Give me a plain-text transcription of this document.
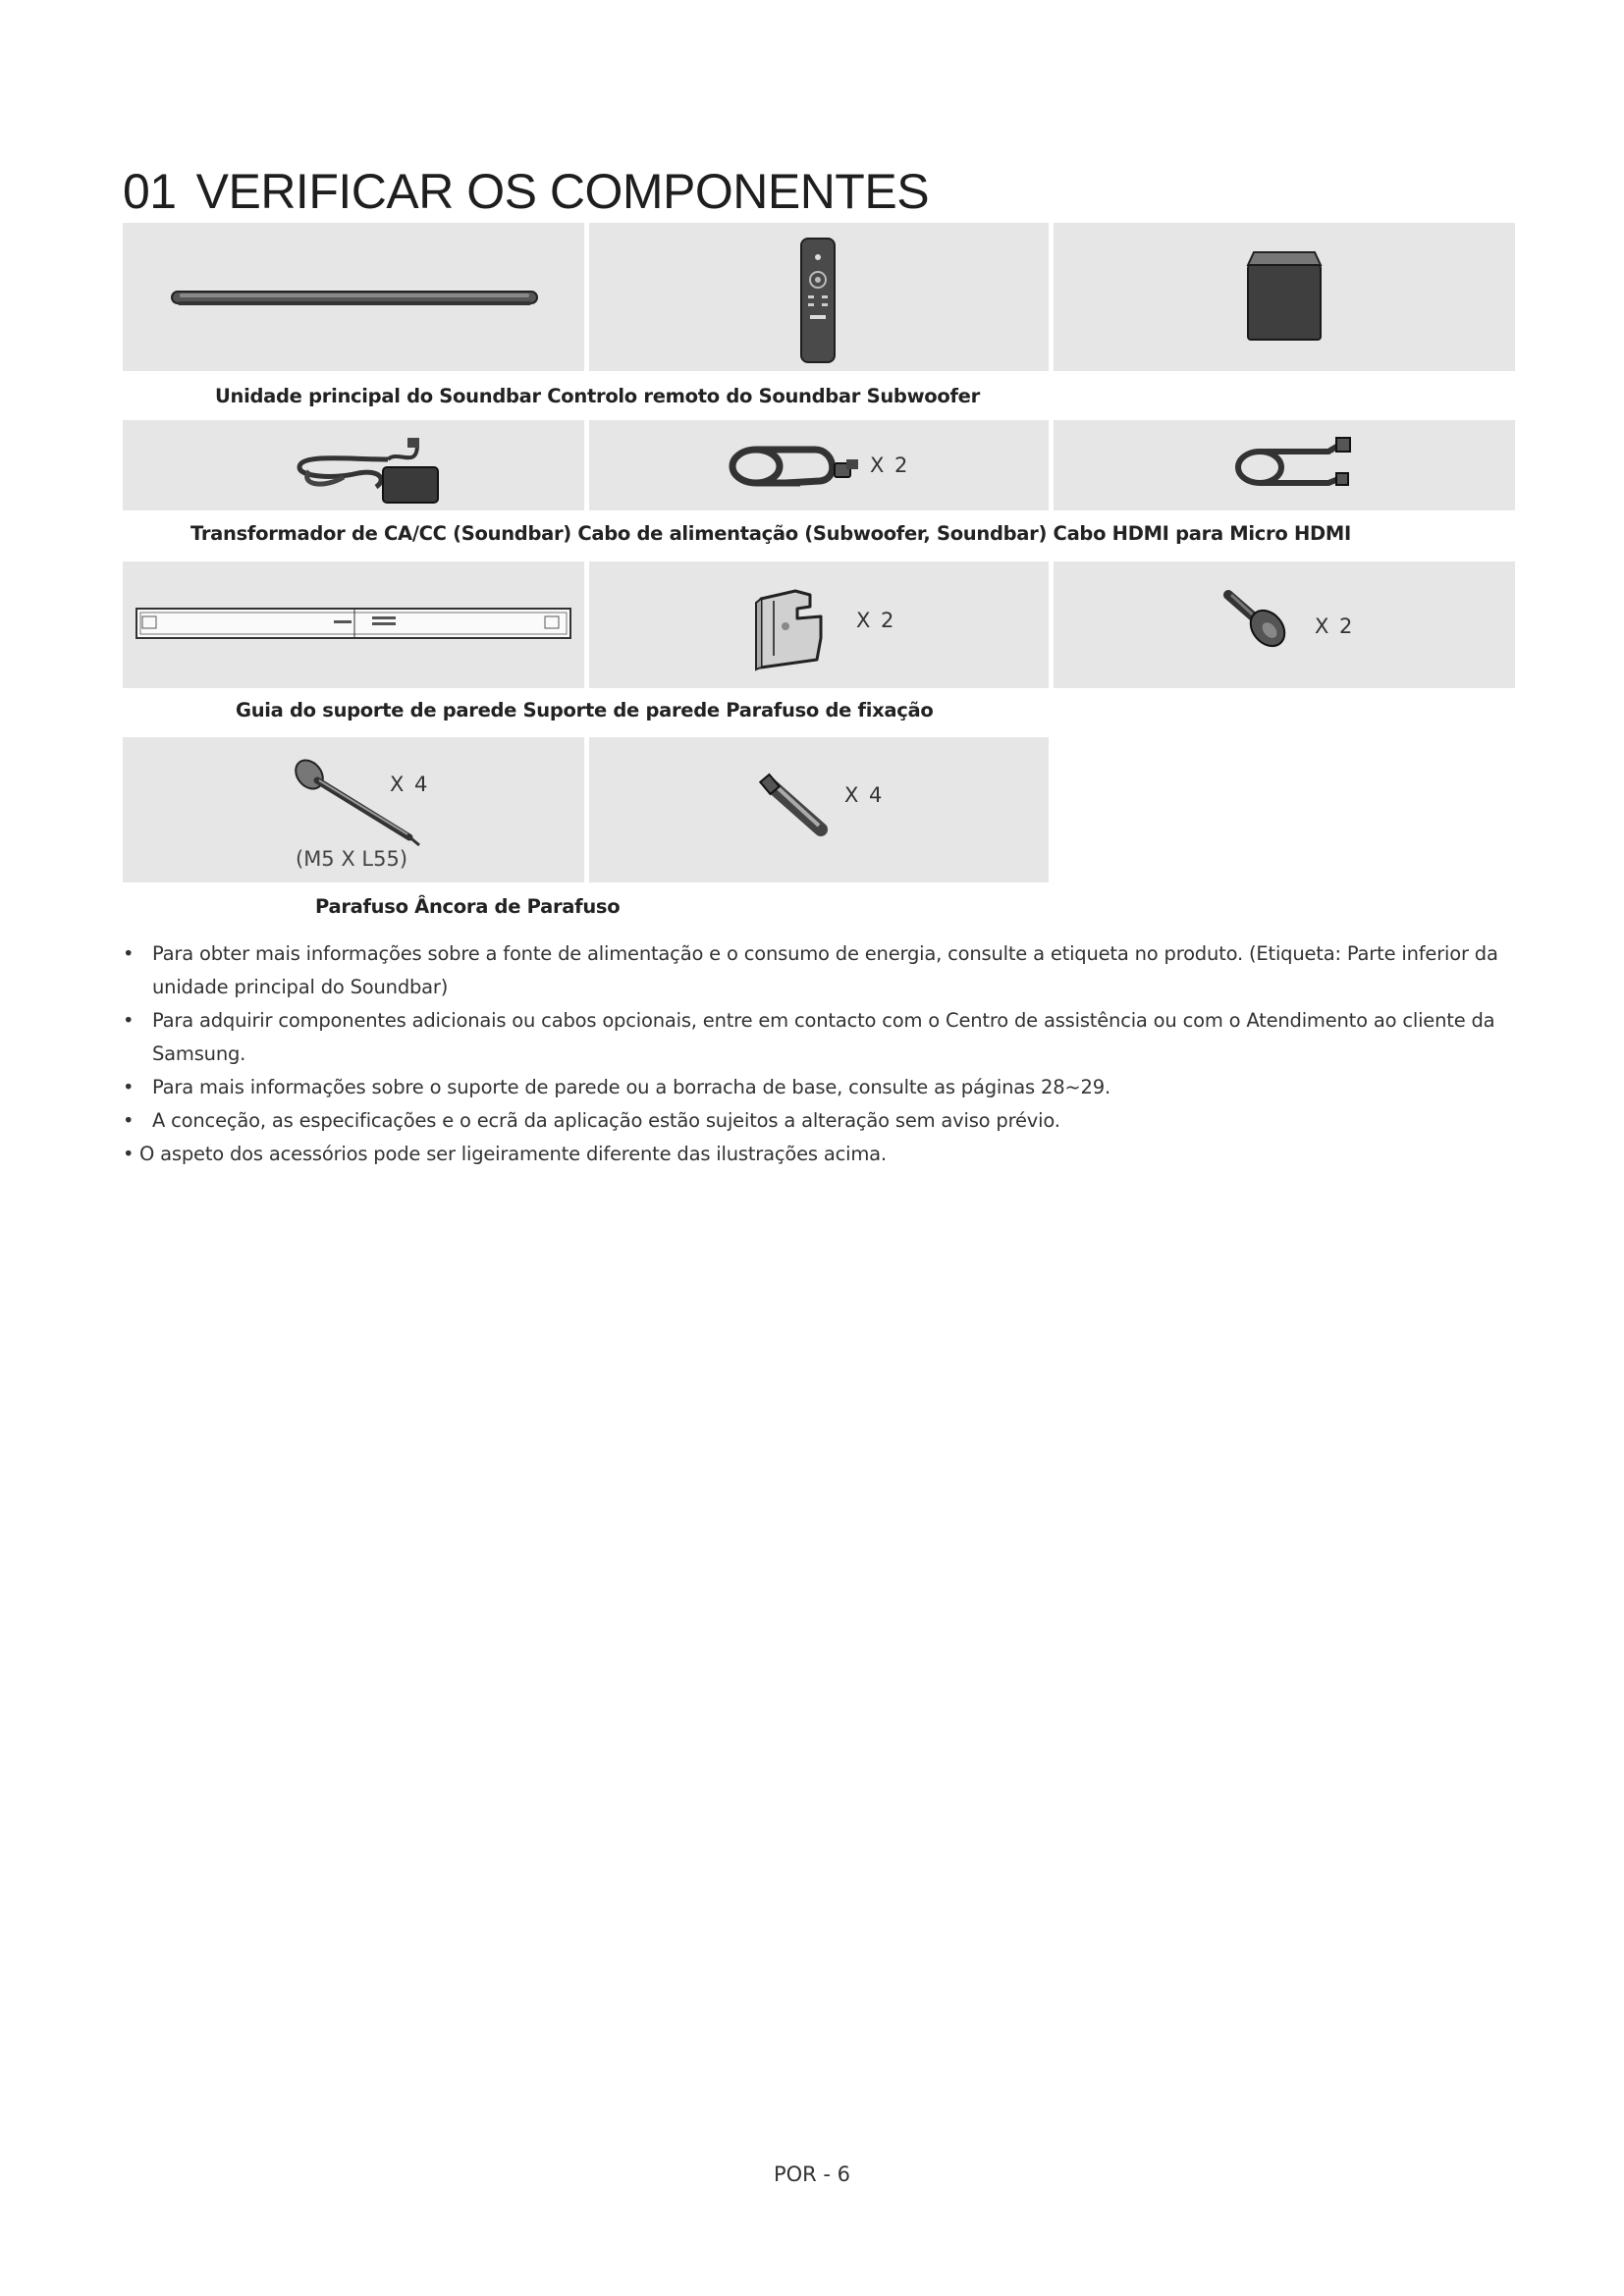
01 VERIFICAR OS COMPONENTES
Unidade principal do Soundbar Controlo remoto do Soundbar Subwoofer
X 2
Transformador de CA/CC (Soundbar) Cabo de alimentação (Subwoofer, Soundbar) Cabo HDMI para Micro HDMI
X 2	X 2
Guia do suporte de parede Suporte de parede Parafuso de fixação
X 4
(M5 X L55)
X 4
Parafuso Âncora de Parafuso
• Para obter mais informações sobre a fonte de alimentação e o consumo de energia, consulte a etiqueta no produto. (Etiqueta: Parte inferior da unidade principal do Soundbar)
• Para adquirir componentes adicionais ou cabos opcionais, entre em contacto com o Centro de assistência ou com o Atendimento ao cliente da Samsung.
• Para mais informações sobre o suporte de parede ou a borracha de base, consulte as páginas 28~29.
• A conceção, as especificações e o ecrã da aplicação estão sujeitos a alteração sem aviso prévio.
• O aspeto dos acessórios pode ser ligeiramente diferente das ilustrações acima.
POR - 6
